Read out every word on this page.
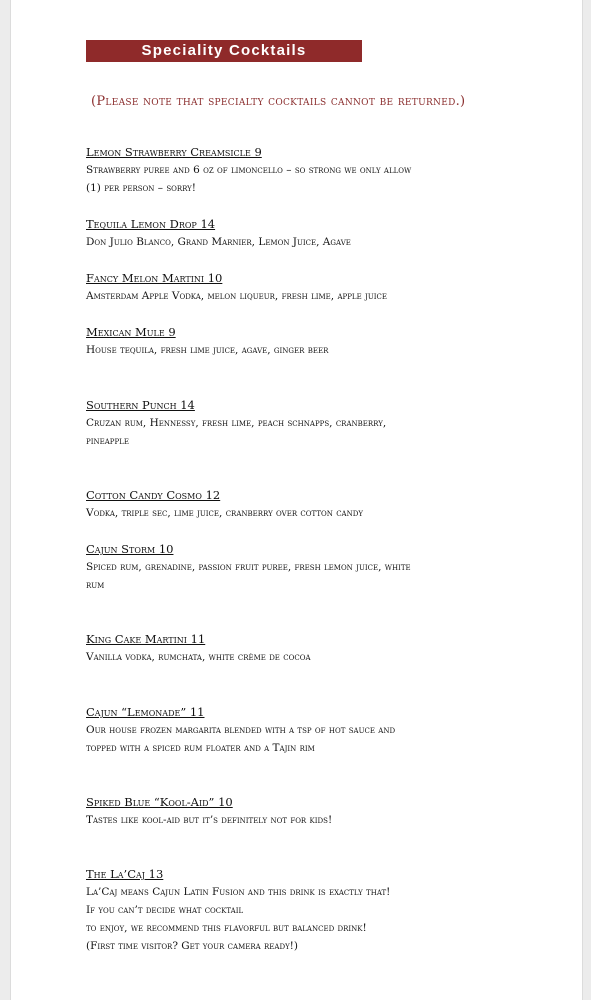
Speciality Cocktails
(Please note that specialty cocktails cannot be returned.)
Lemon Strawberry Creamsicle 9
Strawberry puree and 6 oz of limoncello – so strong we only allow
(1) per person – sorry!
Tequila Lemon Drop 14
Don Julio Blanco, Grand Marnier, Lemon Juice, Agave
Fancy Melon Martini 10
Amsterdam Apple Vodka, melon liqueur, fresh lime, apple juice
Mexican Mule 9
House tequila, fresh lime juice, agave, ginger beer
Southern Punch 14
Cruzan rum, Hennessy, fresh lime, peach schnapps, cranberry,
pineapple
Cotton Candy Cosmo 12
Vodka, triple sec, lime juice, cranberry over cotton candy
Cajun Storm 10
Spiced rum, grenadine, passion fruit puree, fresh lemon juice, white
rum
King Cake Martini 11
Vanilla vodka, rumchata, white crème de cocoa
Cajun “Lemonade” 11
Our house frozen margarita blended with a tsp of hot sauce and
topped with a spiced rum floater and a Tajin rim
Spiked Blue “Kool-Aid” 10
Tastes like kool-aid but it’s definitely not for kids!
The La’Caj 13
La’Caj means Cajun Latin Fusion and this drink is exactly that!
If you can’t decide what cocktail
to enjoy, we recommend this flavorful but balanced drink!
(First time visitor? Get your camera ready!)
